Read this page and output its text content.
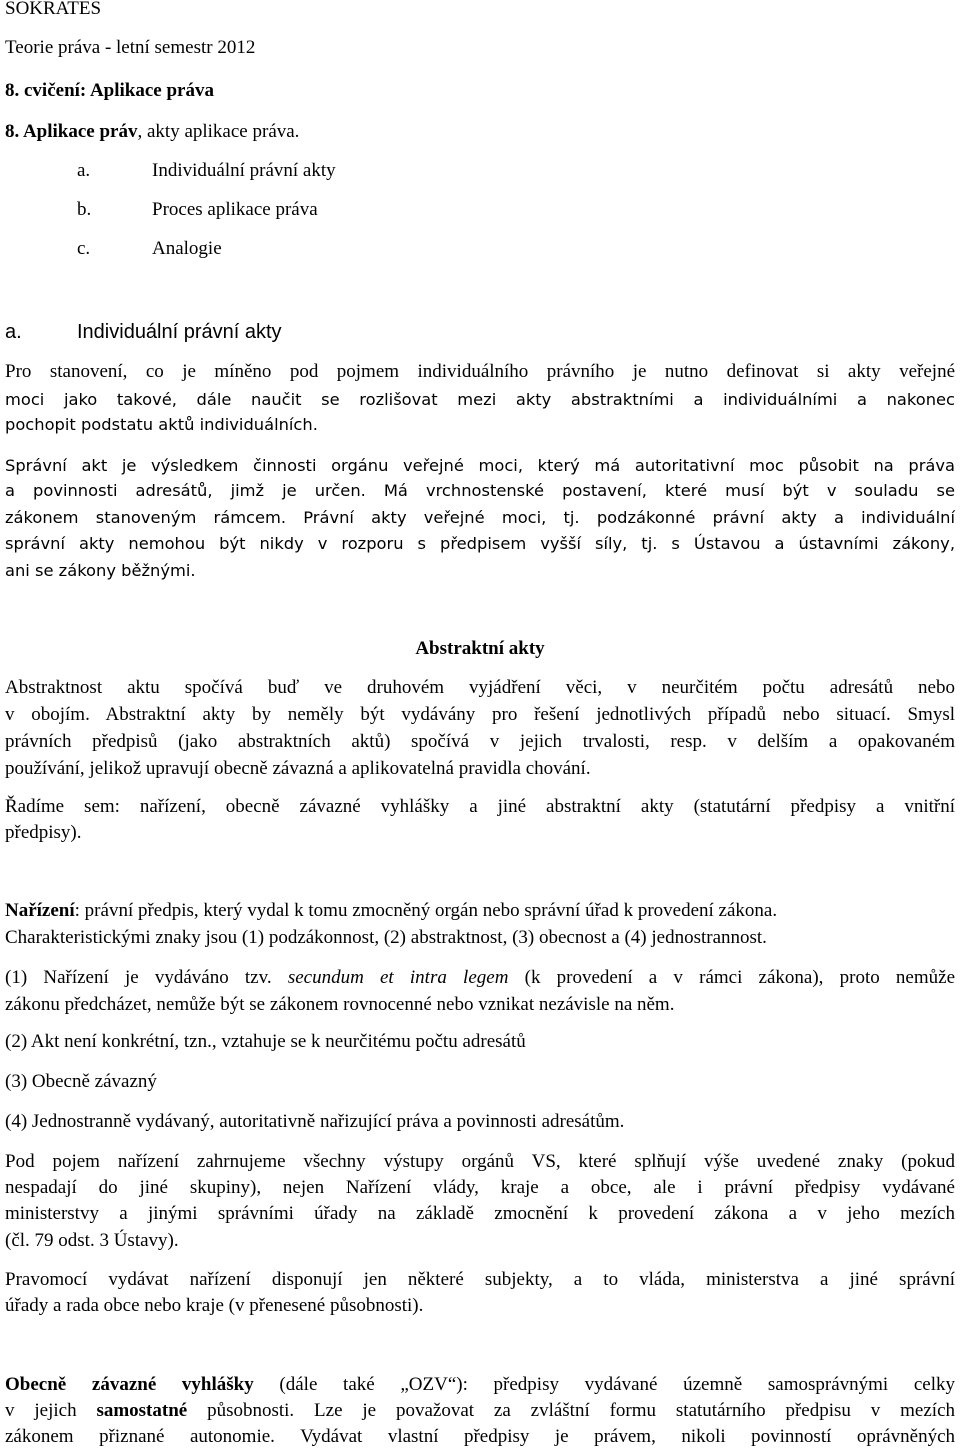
SOKRATES
Teorie práva - letní semestr 2012
8. cvičení: Aplikace práva
8. Aplikace práv, akty aplikace práva.
a.	Individuální právní akty
b.	Proces aplikace práva
c.	Analogie
a.	Individuální právní akty
Pro stanovení, co je míněno pod pojmem individuálního právního je nutno definovat si akty veřejné
moci jako takové, dále naučit se rozlišovat mezi akty abstraktními a individuálními a nakonec
pochopit podstatu aktů individuálních.
Správní akt je výsledkem činnosti orgánu veřejné moci, který má autoritativní moc působit na práva
a povinnosti adresátů, jimž je určen. Má vrchnostenské postavení, které musí být v souladu se
zákonem stanoveným rámcem. Právní akty veřejné moci, tj. podzákonné právní akty a individuální
správní akty nemohou být nikdy v rozporu s předpisem vyšší síly, tj. s Ústavou a ústavními zákony,
ani se zákony běžnými.
Abstraktní akty
Abstraktnost aktu spočívá buď ve druhovém vyjádření věci, v neurčitém počtu adresátů nebo
v obojím. Abstraktní akty by neměly být vydávány pro řešení jednotlivých případů nebo situací. Smysl
právních předpisů (jako abstraktních aktů) spočívá v jejich trvalosti, resp. v delším a opakovaném
používání, jelikož upravují obecně závazná a aplikovatelná pravidla chování.
Řadíme sem: nařízení, obecně závazné vyhlášky a jiné abstraktní akty (statutární předpisy a vnitřní
předpisy).
Nařízení: právní předpis, který vydal k tomu zmocněný orgán nebo správní úřad k provedení zákona.
Charakteristickými znaky jsou (1) podzákonnost, (2) abstraktnost, (3) obecnost a (4) jednostrannost.
(1) Nařízení je vydáváno tzv. secundum et intra legem (k provedení a v rámci zákona), proto nemůže
zákonu předcházet, nemůže být se zákonem rovnocenné nebo vznikat nezávisle na něm.
(2) Akt není konkrétní, tzn., vztahuje se k neurčitému počtu adresátů
(3) Obecně závazný
(4) Jednostranně vydávaný, autoritativně nařizující práva a povinnosti adresátům.
Pod pojem nařízení zahrnujeme všechny výstupy orgánů VS, které splňují výše uvedené znaky (pokud
nespadají do jiné skupiny), nejen Nařízení vlády, kraje a obce, ale i právní předpisy vydávané
ministerstvy a jinými správními úřady na základě zmocnění k provedení zákona a v jeho mezích
(čl. 79 odst. 3 Ústavy).
Pravomocí vydávat nařízení disponují jen některé subjekty, a to vláda, ministerstva a jiné správní
úřady a rada obce nebo kraje (v přenesené působnosti).
Obecně závazné vyhlášky (dále také „OZV“): předpisy vydávané územně samosprávnými celky
v jejich samostatné působnosti. Lze je považovat za zvláštní formu statutárního předpisu v mezích
zákonem přiznané autonomie. Vydávat vlastní předpisy je právem, nikoli povinností oprávněných
